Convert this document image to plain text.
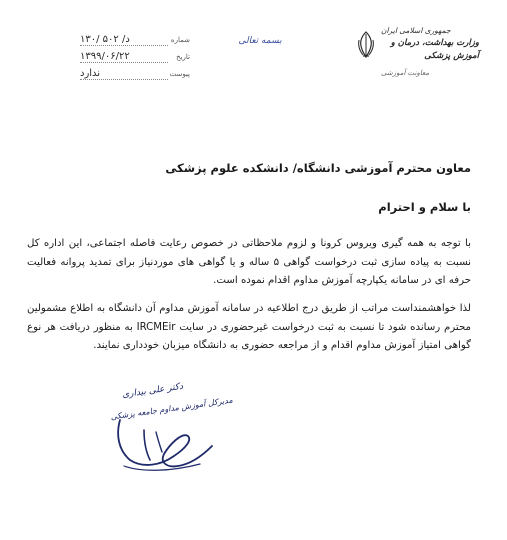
شماره
۱۳۰/ ۵۰۲ /د
تاریخ
۱۳۹۹/۰۶/۲۲
پیوست
ندارد
بسمه تعالی
جمهوری اسلامی ایران
وزارت بهداشت، درمان و آموزش پزشکی
معاونت آموزشی
معاون محترم آموزشی دانشگاه/ دانشکده علوم پزشکی
با سلام و احترام
با توجه به همه گیری ویروس کرونا و لزوم ملاحظاتی در خصوص رعایت فاصله اجتماعی، این اداره کل نسبت به پیاده سازی ثبت درخواست گواهی ۵ ساله و یا گواهی های موردنیاز برای تمدید پروانه فعالیت حرفه ای در سامانه یکپارچه آموزش مداوم اقدام نموده است.
لذا خواهشمنداست مراتب از طریق درج اطلاعیه در سامانه آموزش مداوم آن دانشگاه به اطلاع مشمولین محترم رسانده شود تا نسبت به ثبت درخواست غیرحضوری در سایت IRCMEir به منظور دریافت هر نوع گواهی امتیاز آموزش مداوم اقدام و از مراجعه حضوری به دانشگاه میزبان خودداری نمایند.
دکتر علی بیداری
مدیرکل آموزش مداوم جامعه پزشکی
